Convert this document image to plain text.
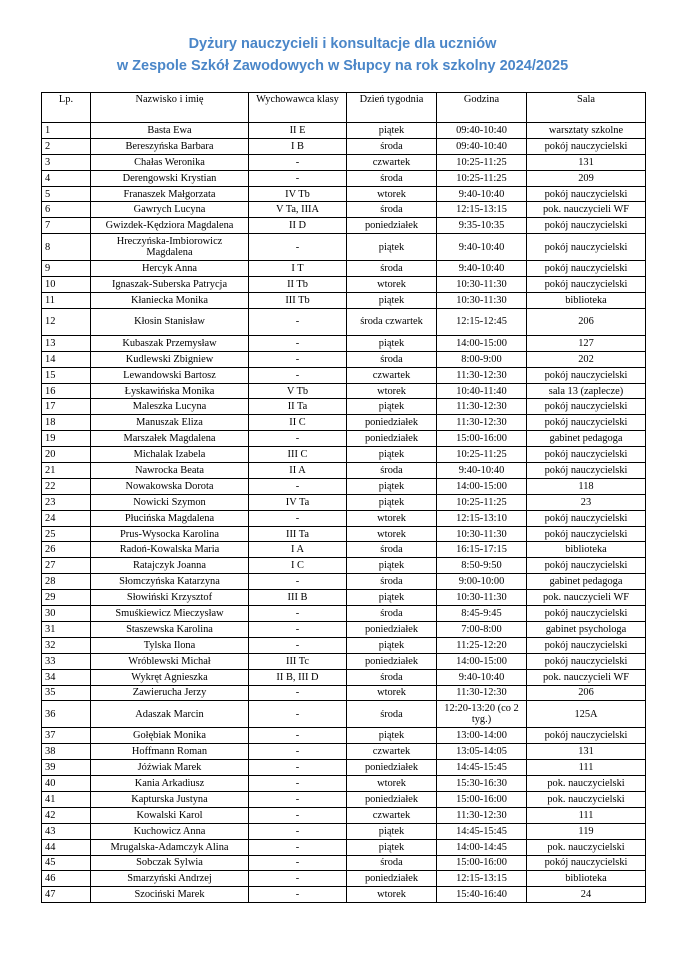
Dyżury nauczycieli i konsultacje dla uczniów
w Zespole Szkół Zawodowych w Słupcy na rok szkolny 2024/2025
Lp.	Nazwisko i imię	Wychowawca klasy	Dzień tygodnia	Godzina	Sala
1	Basta Ewa	II E	piątek	09:40-10:40	warsztaty szkolne
2	Bereszyńska Barbara	I B	środa	09:40-10:40	pokój nauczycielski
3	Chałas Weronika	-	czwartek	10:25-11:25	131
4	Derengowski Krystian	-	środa	10:25-11:25	209
5	Franaszek Małgorzata	IV Tb	wtorek	9:40-10:40	pokój nauczycielski
6	Gawrych Lucyna	V Ta, IIIA	środa	12:15-13:15	pok. nauczycieli WF
7	Gwizdek-Kędziora Magdalena	II D	poniedziałek	9:35-10:35	pokój nauczycielski
8	Hreczyńska-Imbiorowicz Magdalena	-	piątek	9:40-10:40	pokój nauczycielski
9	Hercyk Anna	I T	środa	9:40-10:40	pokój nauczycielski
10	Ignaszak-Suberska Patrycja	II Tb	wtorek	10:30-11:30	pokój nauczycielski
11	Kłaniecka Monika	III Tb	piątek	10:30-11:30	biblioteka
12	Kłosin Stanisław	-	środa czwartek	12:15-12:45	206
13	Kubaszak Przemysław	-	piątek	14:00-15:00	127
14	Kudlewski Zbigniew	-	środa	8:00-9:00	202
15	Lewandowski Bartosz	-	czwartek	11:30-12:30	pokój nauczycielski
16	Łyskawińska Monika	V Tb	wtorek	10:40-11:40	sala 13 (zaplecze)
17	Maleszka Lucyna	II Ta	piątek	11:30-12:30	pokój nauczycielski
18	Manuszak Eliza	II C	poniedziałek	11:30-12:30	pokój nauczycielski
19	Marszałek Magdalena	-	poniedziałek	15:00-16:00	gabinet pedagoga
20	Michalak Izabela	III C	piątek	10:25-11:25	pokój nauczycielski
21	Nawrocka Beata	II A	środa	9:40-10:40	pokój nauczycielski
22	Nowakowska Dorota	-	piątek	14:00-15:00	118
23	Nowicki Szymon	IV Ta	piątek	10:25-11:25	23
24	Płucińska Magdalena	-	wtorek	12:15-13:10	pokój nauczycielski
25	Prus-Wysocka Karolina	III Ta	wtorek	10:30-11:30	pokój nauczycielski
26	Radoń-Kowalska Maria	I A	środa	16:15-17:15	biblioteka
27	Ratajczyk Joanna	I C	piątek	8:50-9:50	pokój nauczycielski
28	Słomczyńska Katarzyna	-	środa	9:00-10:00	gabinet pedagoga
29	Słowiński Krzysztof	III B	piątek	10:30-11:30	pok. nauczycieli WF
30	Smuśkiewicz Mieczysław	-	środa	8:45-9:45	pokój nauczycielski
31	Staszewska Karolina	-	poniedziałek	7:00-8:00	gabinet psychologa
32	Tylska Ilona	-	piątek	11:25-12:20	pokój nauczycielski
33	Wróblewski Michał	III Tc	poniedziałek	14:00-15:00	pokój nauczycielski
34	Wykręt Agnieszka	II B, III D	środa	9:40-10:40	pok. nauczycieli WF
35	Zawierucha Jerzy	-	wtorek	11:30-12:30	206
36	Adaszak Marcin	-	środa	12:20-13:20 (co 2 tyg.)	125A
37	Gołębiak Monika	-	piątek	13:00-14:00	pokój nauczycielski
38	Hoffmann Roman	-	czwartek	13:05-14:05	131
39	Jóźwiak Marek	-	poniedziałek	14:45-15:45	111
40	Kania Arkadiusz	-	wtorek	15:30-16:30	pok. nauczycielski
41	Kapturska Justyna	-	poniedziałek	15:00-16:00	pok. nauczycielski
42	Kowalski Karol	-	czwartek	11:30-12:30	111
43	Kuchowicz Anna	-	piątek	14:45-15:45	119
44	Mrugalska-Adamczyk Alina	-	piątek	14:00-14:45	pok. nauczycielski
45	Sobczak Sylwia	-	środa	15:00-16:00	pokój nauczycielski
46	Smarzyński Andrzej	-	poniedziałek	12:15-13:15	biblioteka
47	Szociński Marek	-	wtorek	15:40-16:40	24
